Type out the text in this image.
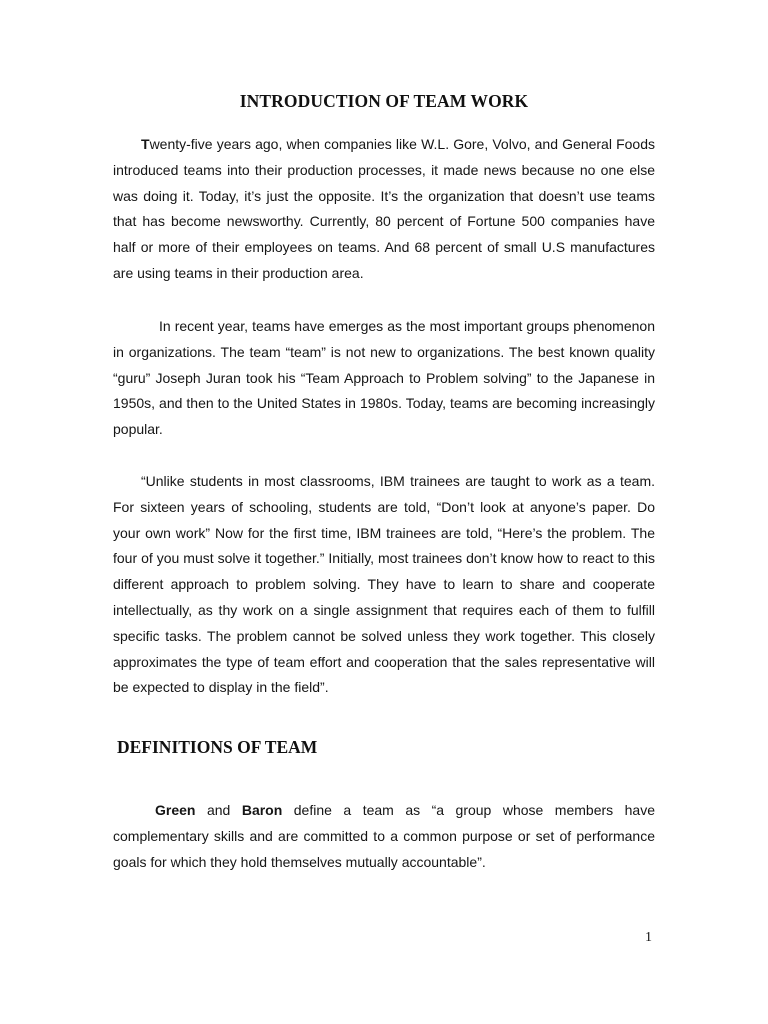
INTRODUCTION OF TEAM WORK

Twenty-five years ago, when companies like W.L. Gore, Volvo, and General Foods introduced teams into their production processes, it made news because no one else was doing it. Today, it’s just the opposite. It’s the organization that doesn’t use teams that has become newsworthy. Currently, 80 percent of Fortune 500 companies have half or more of their employees on teams. And 68 percent of small U.S manufactures are using teams in their production area.

In recent year, teams have emerges as the most important groups phenomenon in organizations. The team “team” is not new to organizations. The best known quality “guru” Joseph Juran took his “Team Approach to Problem solving” to the Japanese in 1950s, and then to the United States in 1980s. Today, teams are becoming increasingly popular.

“Unlike students in most classrooms, IBM trainees are taught to work as a team. For sixteen years of schooling, students are told, “Don’t look at anyone’s paper. Do your own work” Now for the first time, IBM trainees are told, “Here’s the problem. The four of you must solve it together.” Initially, most trainees don’t know how to react to this different approach to problem solving. They have to learn to share and cooperate intellectually, as thy work on a single assignment that requires each of them to fulfill specific tasks. The problem cannot be solved unless they work together. This closely approximates the type of team effort and cooperation that the sales representative will be expected to display in the field”.

DEFINITIONS OF TEAM

Green and Baron define a team as “a group whose members have complementary skills and are committed to a common purpose or set of performance goals for which they hold themselves mutually accountable”.

1
